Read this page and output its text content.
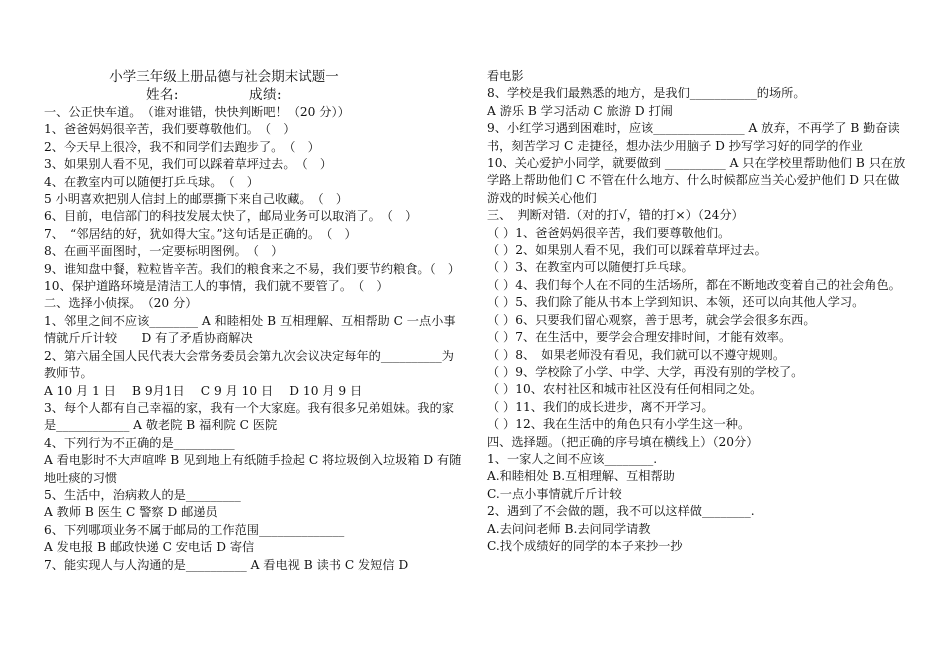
小学三年级上册品德与社会期末试题一
姓名:　　　　　成绩:
一、公正快车道。　（谁对谁错，快快判断吧！（20 分））
1、爸爸妈妈很辛苦，我们要尊敬他们。　（　）
2、今天早上很冷，我不和同学们去跑步了。　（　）
3、如果别人看不见，我们可以踩着草坪过去。　（　）
4、在教室内可以随便打乒乓球。　（　）
5 小明喜欢把别人信封上的邮票撕下来自己收藏。　（　）
6、目前，电信部门的科技发展太快了，邮局业务可以取消了。　（　）
7、　“邻居结的好，犹如得大宝。”这句话是正确的。　（　）
8、在画平面图时，一定要标明图例。　（　）
9、谁知盘中餐，粒粒皆辛苦。我们的粮食来之不易，我们要节约粮食。（　）
10、保护道路环境是清洁工人的事情，我们就不要管了。　（　）
二、选择小侦探。　（20 分）
1、邻里之间不应该________ A 和睦相处 B 互相理解、互相帮助 C 一点小事情就斤斤计较　　D 有了矛盾协商解决
2、第六届全国人民代表大会常务委员会第九次会议决定每年的__________为教师节。
A 10 月 1 日　 B 9月1日　 C 9 月 10 日　 D 10 月 9 日
3、每个人都有自己幸福的家，我有一个大家庭。我有很多兄弟姐妹。我的家是____________ A 敬老院 B 福利院 C 医院
4、下列行为不正确的是__________
A 看电影时不大声喧哗 B 见到地上有纸随手捡起 C 将垃圾倒入垃圾箱 D 有随地吐痰的习惯
5、生活中，治病救人的是_________
A 教师 B 医生 C 警察 D 邮递员
6、下列哪项业务不属于邮局的工作范围______________
A 发电报 B 邮政快递 C 安电话 D 寄信
7、能实现人与人沟通的是__________ A 看电视 B 读书 C 发短信 D
看电影
8、学校是我们最熟悉的地方，是我们___________的场所。
A 游乐 B 学习活动 C 旅游 D 打闹
9、小红学习遇到困难时，应该_______________ A 放弃，不再学了 B 勤奋读书，刻苦学习 C 走捷径，想办法少用脑子 D 抄写学习好的同学的作业
10、关心爱护小同学，就要做到 __________ A 只在学校里帮助他们 B 只在放学路上帮助他们 C 不管在什么地方、什么时候都应当关心爱护他们 D 只在做游戏的时候关心他们
三、　判断对错.（对的打√，错的打×）（24分）
（ ）1、爸爸妈妈很辛苦，我们要尊敬他们。
（ ）2、如果别人看不见，我们可以踩着草坪过去。
（ ）3、在教室内可以随便打乒乓球。
（ ）4、我们每个人在不同的生活场所，都在不断地改变着自己的社会角色。
（ ）5、我们除了能从书本上学到知识、本领，还可以向其他人学习。
（ ）6、只要我们留心观察，善于思考，就会学会很多东西。
（ ）7、在生活中，要学会合理安排时间，才能有效率。
（ ）8、　如果老师没有看见，我们就可以不遵守规则。
（ ）9、学校除了小学、中学、大学，再没有别的学校了。
（ ）10、农村社区和城市社区没有任何相同之处。
（ ）11、我们的成长进步，离不开学习。
（ ）12、我在生活中的角色只有小学生这一种。
四、选择题。（把正确的序号填在横线上）（20分）
1、一家人之间不应该________.
A.和睦相处 B.互相理解、互相帮助
C.一点小事情就斤斤计较
2、遇到了不会做的题，我不可以这样做________.
A.去问问老师 B.去问同学请教
C.找个成绩好的同学的本子来抄一抄
